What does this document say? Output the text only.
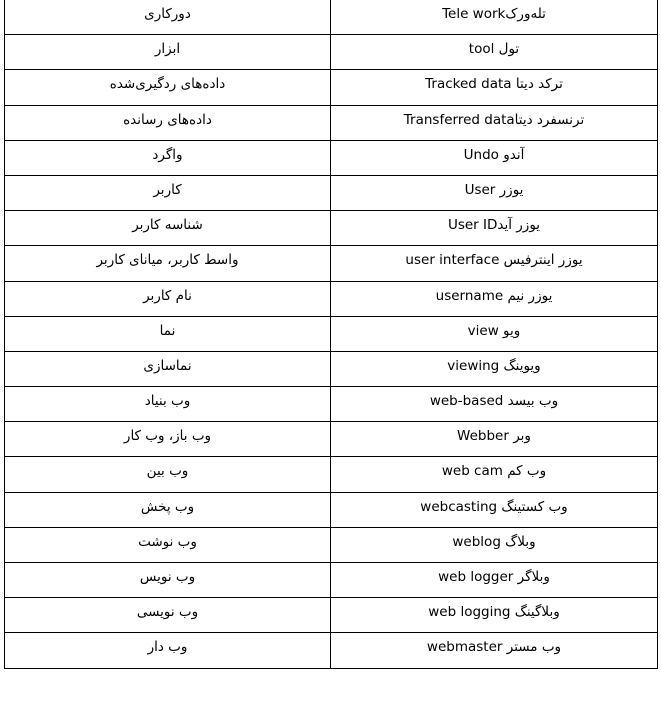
دورکاری	تله‌ورکTele work
ابزار	تول tool
داده‌های ردگیری‌شده	ترکد دیتا Tracked data
داده‌های رسانده	ترنسفرد دیتاTransferred data
واگرد	آندو Undo
کاربر	یوزر User
شناسه کاربر	یوزر آیدUser ID
واسط کاربر، میانای کاربر	یوزر اینترفیس user interface
نام کاربر	یوزر نیم username
نما	ویو view
نماسازی	ویوینگ viewing
وب بنیاد	وب بیسد web-based
وب باز، وب کار	وبر Webber
وب بین	وب کم web cam
وب پخش	وب کستینگ webcasting
وب نوشت	وبلاگ weblog
وب نویس	وبلاگر web logger
وب نویسی	وبلاگینگ web logging
وب دار	وب مستر webmaster
